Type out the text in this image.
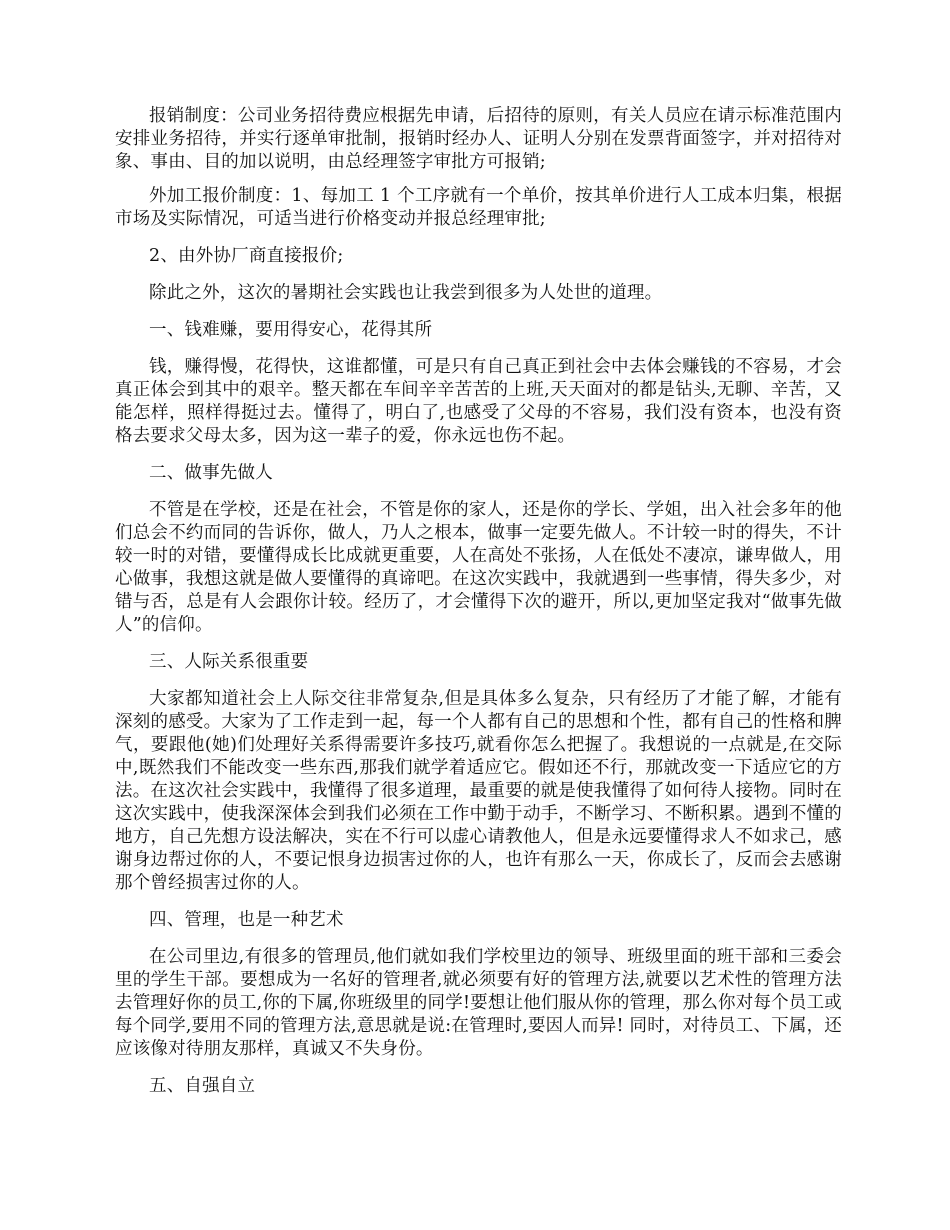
报销制度：公司业务招待费应根据先申请，后招待的原则，有关人员应在请示标准范围内安排业务招待，并实行逐单审批制，报销时经办人、证明人分别在发票背面签字，并对招待对象、事由、目的加以说明，由总经理签字审批方可报销;

外加工报价制度：1、每加工 1 个工序就有一个单价，按其单价进行人工成本归集，根据市场及实际情况，可适当进行价格变动并报总经理审批;

2、由外协厂商直接报价;

除此之外，这次的暑期社会实践也让我尝到很多为人处世的道理。

一、钱难赚，要用得安心，花得其所

钱，赚得慢，花得快，这谁都懂，可是只有自己真正到社会中去体会赚钱的不容易，才会真正体会到其中的艰辛。整天都在车间辛辛苦苦的上班,天天面对的都是钻头,无聊、辛苦，又能怎样，照样得挺过去。懂得了，明白了,也感受了父母的不容易，我们没有资本，也没有资格去要求父母太多，因为这一辈子的爱，你永远也伤不起。

二、做事先做人

不管是在学校，还是在社会，不管是你的家人，还是你的学长、学姐，出入社会多年的他们总会不约而同的告诉你，做人，乃人之根本，做事一定要先做人。不计较一时的得失，不计较一时的对错，要懂得成长比成就更重要，人在高处不张扬，人在低处不凄凉，谦卑做人，用心做事，我想这就是做人要懂得的真谛吧。在这次实践中，我就遇到一些事情，得失多少，对错与否，总是有人会跟你计较。经历了，才会懂得下次的避开，所以,更加坚定我对“做事先做人”的信仰。

三、人际关系很重要

大家都知道社会上人际交往非常复杂,但是具体多么复杂，只有经历了才能了解，才能有深刻的感受。大家为了工作走到一起，每一个人都有自己的思想和个性，都有自己的性格和脾气，要跟他(她)们处理好关系得需要许多技巧,就看你怎么把握了。我想说的一点就是,在交际中,既然我们不能改变一些东西,那我们就学着适应它。假如还不行，那就改变一下适应它的方法。在这次社会实践中，我懂得了很多道理，最重要的就是使我懂得了如何待人接物。同时在这次实践中，使我深深体会到我们必须在工作中勤于动手，不断学习、不断积累。遇到不懂的地方，自己先想方设法解决，实在不行可以虚心请教他人，但是永远要懂得求人不如求己，感谢身边帮过你的人，不要记恨身边损害过你的人，也许有那么一天，你成长了，反而会去感谢那个曾经损害过你的人。

四、管理，也是一种艺术

在公司里边,有很多的管理员,他们就如我们学校里边的领导、班级里面的班干部和三委会里的学生干部。要想成为一名好的管理者,就必须要有好的管理方法,就要以艺术性的管理方法去管理好你的员工,你的下属,你班级里的同学!要想让他们服从你的管理，那么你对每个员工或每个同学,要用不同的管理方法,意思就是说:在管理时,要因人而异! 同时，对待员工、下属，还应该像对待朋友那样，真诚又不失身份。

五、自强自立
